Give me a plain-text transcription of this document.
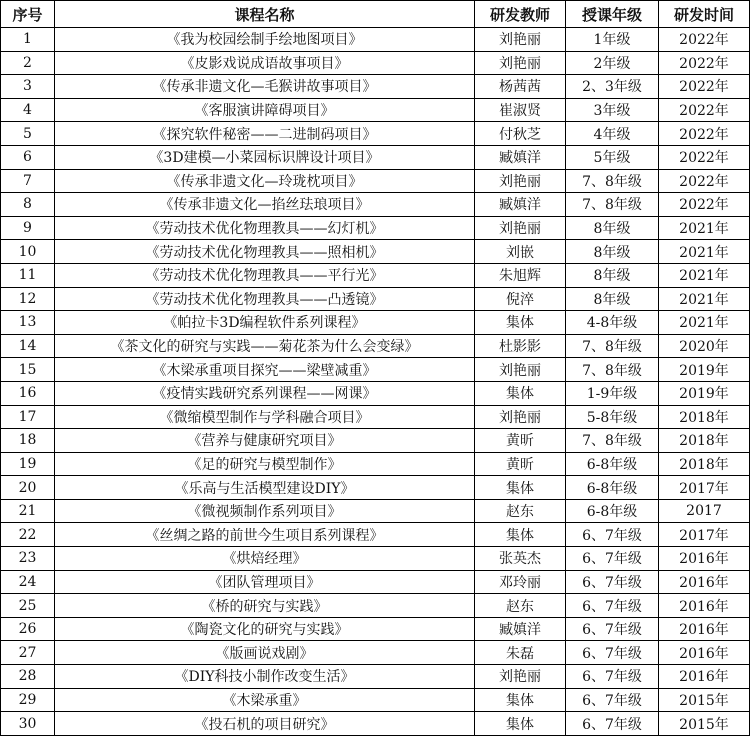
序号	课程名称	研发教师	授课年级	研发时间
1	《我为校园绘制手绘地图项目》	刘艳丽	1年级	2022年
2	《皮影戏说成语故事项目》	刘艳丽	2年级	2022年
3	《传承非遗文化—毛猴讲故事项目》	杨茜茜	2、3年级	2022年
4	《客服演讲障碍项目》	崔淑贤	3年级	2022年
5	《探究软件秘密——二进制码项目》	付秋芝	4年级	2022年
6	《3D建模—小菜园标识牌设计项目》	臧嫃洋	5年级	2022年
7	《传承非遗文化—玲珑枕项目》	刘艳丽	7、8年级	2022年
8	《传承非遗文化—掐丝珐琅项目》	臧嫃洋	7、8年级	2022年
9	《劳动技术优化物理教具——幻灯机》	刘艳丽	8年级	2021年
10	《劳动技术优化物理教具——照相机》	刘嵌	8年级	2021年
11	《劳动技术优化物理教具——平行光》	朱旭辉	8年级	2021年
12	《劳动技术优化物理教具——凸透镜》	倪淬	8年级	2021年
13	《帕拉卡3D编程软件系列课程》	集体	4-8年级	2021年
14	《茶文化的研究与实践——菊花茶为什么会变绿》	杜影影	7、8年级	2020年
15	《木梁承重项目探究——梁壁减重》	刘艳丽	7、8年级	2019年
16	《疫情实践研究系列课程——网课》	集体	1-9年级	2019年
17	《微缩模型制作与学科融合项目》	刘艳丽	5-8年级	2018年
18	《营养与健康研究项目》	黄昕	7、8年级	2018年
19	《足的研究与模型制作》	黄昕	6-8年级	2018年
20	《乐高与生活模型建设DIY》	集体	6-8年级	2017年
21	《微视频制作系列项目》	赵东	6-8年级	2017
22	《丝绸之路的前世今生项目系列课程》	集体	6、7年级	2017年
23	《烘焙经理》	张英杰	6、7年级	2016年
24	《团队管理项目》	邓玲丽	6、7年级	2016年
25	《桥的研究与实践》	赵东	6、7年级	2016年
26	《陶瓷文化的研究与实践》	臧嫃洋	6、7年级	2016年
27	《版画说戏剧》	朱磊	6、7年级	2016年
28	《DIY科技小制作改变生活》	刘艳丽	6、7年级	2016年
29	《木梁承重》	集体	6、7年级	2015年
30	《投石机的项目研究》	集体	6、7年级	2015年
